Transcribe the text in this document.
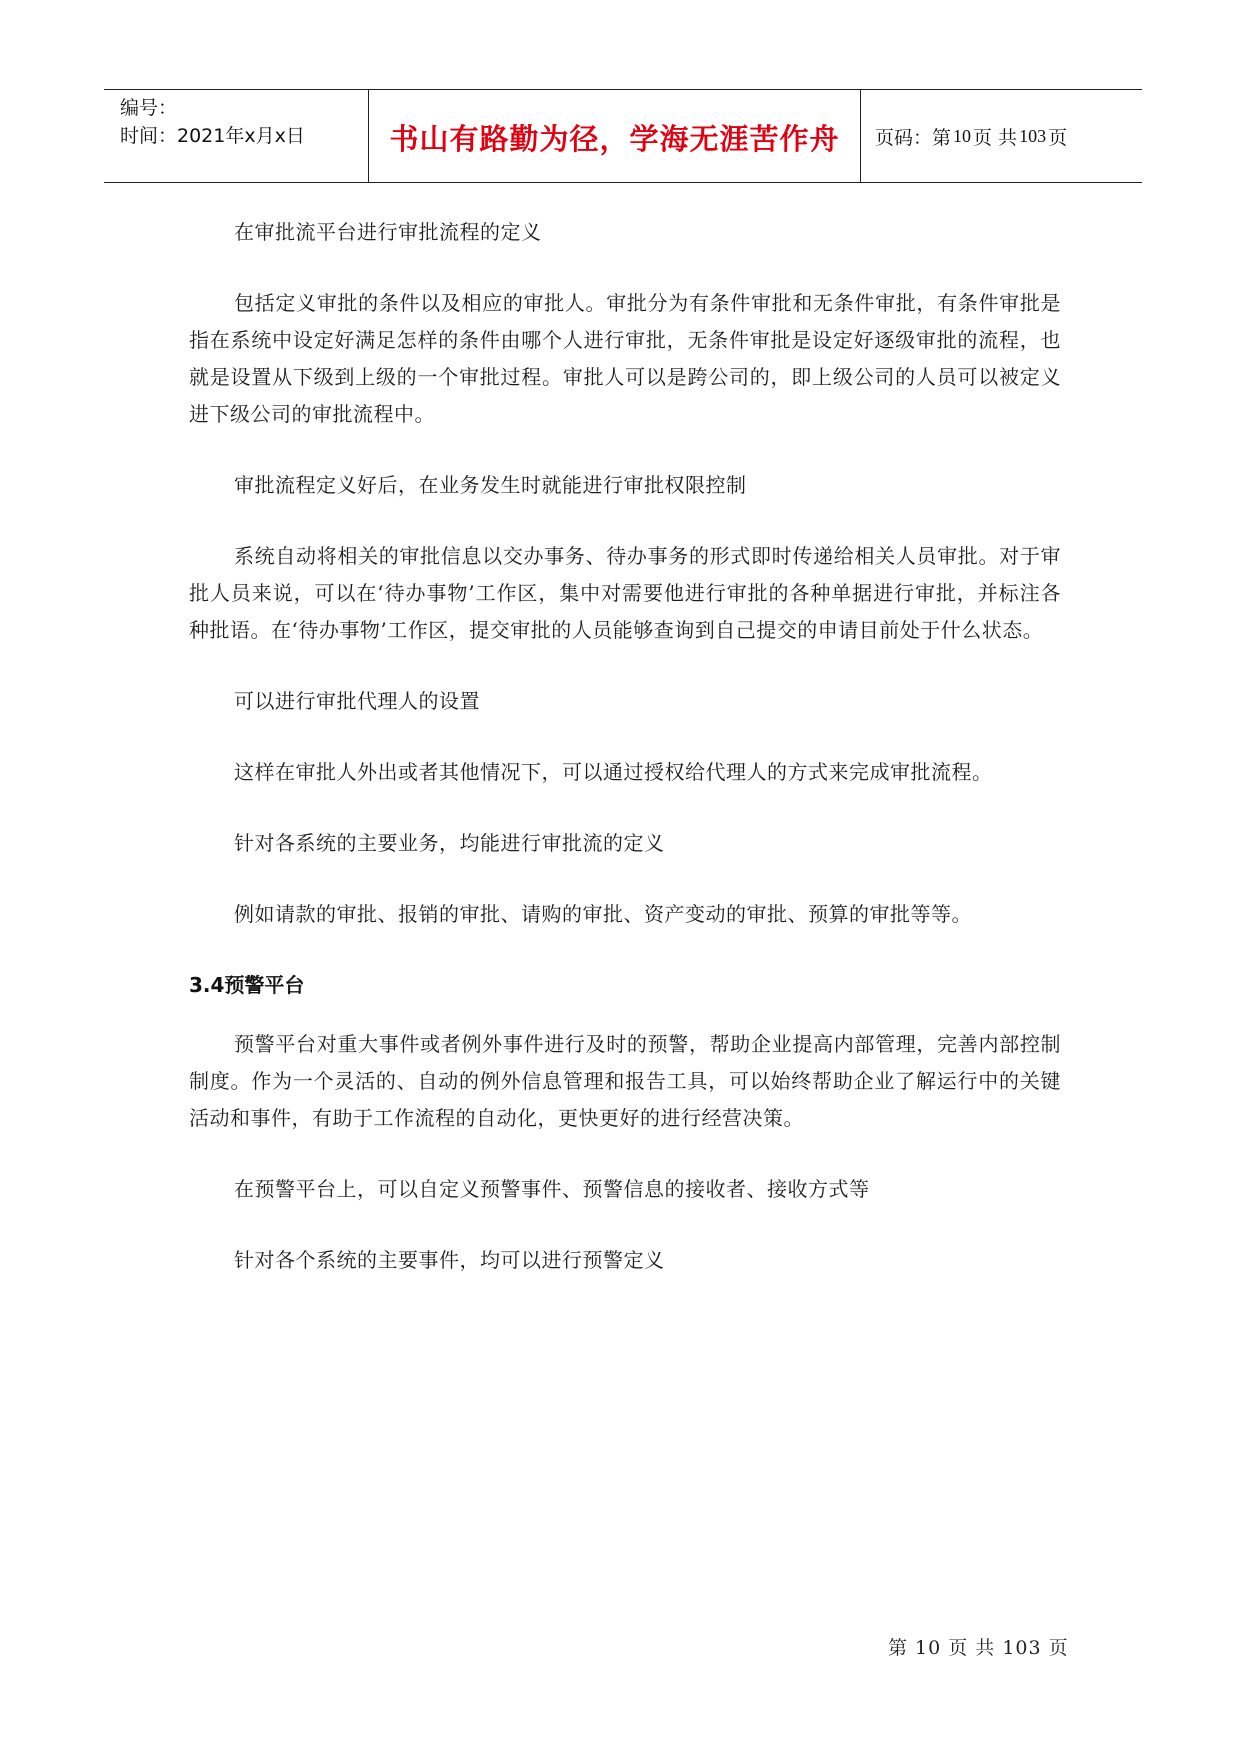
编号：
时间：2021年x月x日	书山有路勤为径，学海无涯苦作舟	页码：第 10 页 共 103 页

在审批流平台进行审批流程的定义

包括定义审批的条件以及相应的审批人。审批分为有条件审批和无条件审批，有条件审批是指在系统中设定好满足怎样的条件由哪个人进行审批，无条件审批是设定好逐级审批的流程，也就是设置从下级到上级的一个审批过程。审批人可以是跨公司的，即上级公司的人员可以被定义进下级公司的审批流程中。

审批流程定义好后，在业务发生时就能进行审批权限控制

系统自动将相关的审批信息以交办事务、待办事务的形式即时传递给相关人员审批。对于审批人员来说，可以在‘待办事物’工作区，集中对需要他进行审批的各种单据进行审批，并标注各种批语。在‘待办事物’工作区，提交审批的人员能够查询到自己提交的申请目前处于什么状态。

可以进行审批代理人的设置

这样在审批人外出或者其他情况下，可以通过授权给代理人的方式来完成审批流程。

针对各系统的主要业务，均能进行审批流的定义

例如请款的审批、报销的审批、请购的审批、资产变动的审批、预算的审批等等。

3.4预警平台

预警平台对重大事件或者例外事件进行及时的预警，帮助企业提高内部管理，完善内部控制制度。作为一个灵活的、自动的例外信息管理和报告工具，可以始终帮助企业了解运行中的关键活动和事件，有助于工作流程的自动化，更快更好的进行经营决策。

在预警平台上，可以自定义预警事件、预警信息的接收者、接收方式等

针对各个系统的主要事件，均可以进行预警定义

第 10 页 共 103 页
